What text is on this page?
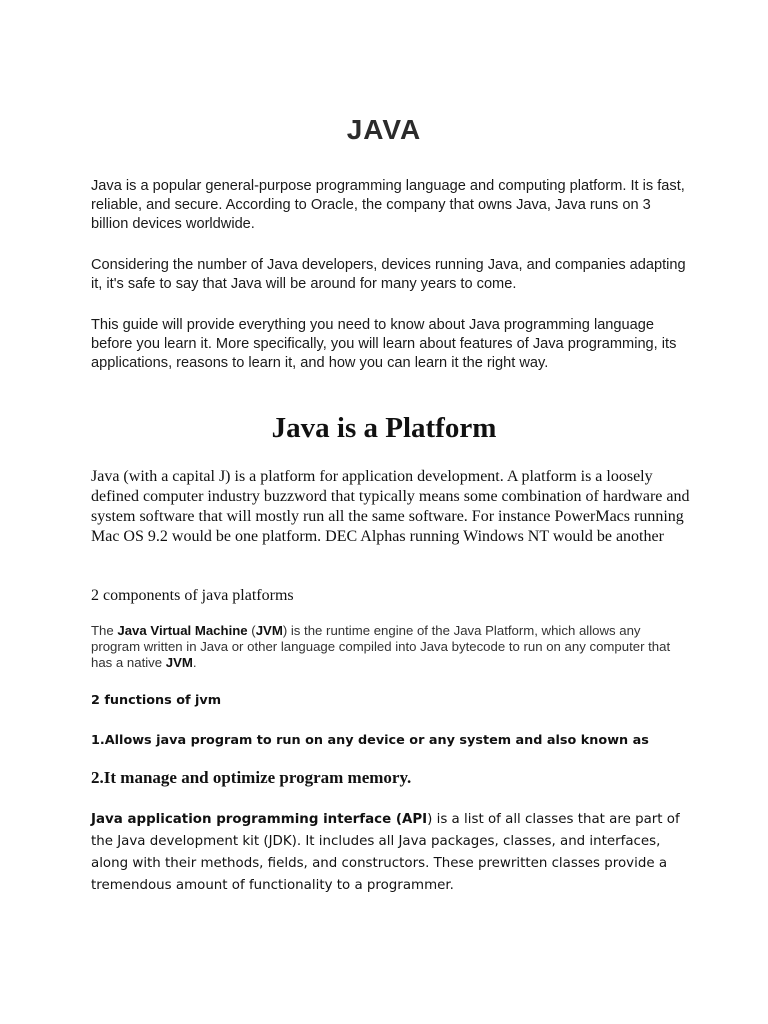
JAVA

Java is a popular general-purpose programming language and computing platform. It is fast, reliable, and secure. According to Oracle, the company that owns Java, Java runs on 3 billion devices worldwide.

Considering the number of Java developers, devices running Java, and companies adapting it, it's safe to say that Java will be around for many years to come.

This guide will provide everything you need to know about Java programming language before you learn it. More specifically, you will learn about features of Java programming, its applications, reasons to learn it, and how you can learn it the right way.

Java is a Platform

Java (with a capital J) is a platform for application development. A platform is a loosely defined computer industry buzzword that typically means some combination of hardware and system software that will mostly run all the same software. For instance PowerMacs running Mac OS 9.2 would be one platform. DEC Alphas running Windows NT would be another

2 components of java platforms

The Java Virtual Machine (JVM) is the runtime engine of the Java Platform, which allows any program written in Java or other language compiled into Java bytecode to run on any computer that has a native JVM.

2 functions of jvm

1.Allows java program to run on any device or any system and also known as

2.It manage and optimize program memory.

Java application programming interface (API) is a list of all classes that are part of the Java development kit (JDK). It includes all Java packages, classes, and interfaces, along with their methods, fields, and constructors. These prewritten classes provide a tremendous amount of functionality to a programmer.
